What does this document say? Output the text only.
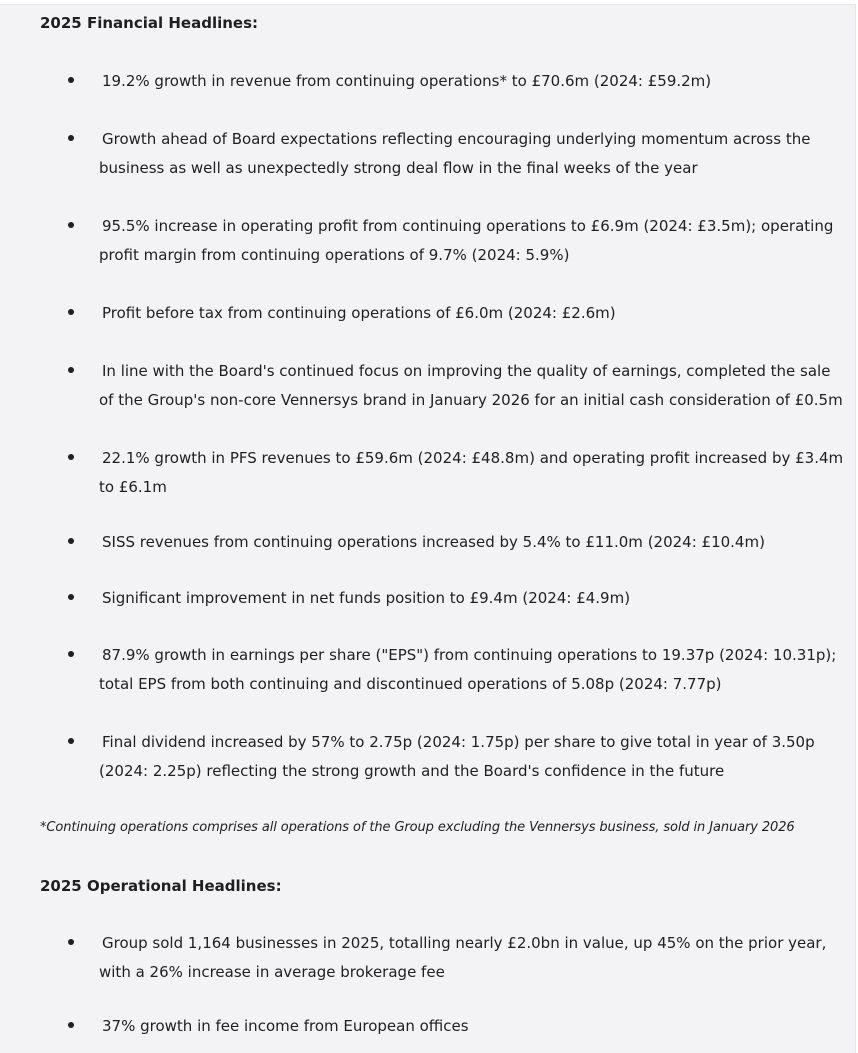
2025 Financial Headlines:
19.2% growth in revenue from continuing operations* to £70.6m (2024: £59.2m)
Growth ahead of Board expectations reflecting encouraging underlying momentum across the
business as well as unexpectedly strong deal flow in the final weeks of the year
95.5% increase in operating profit from continuing operations to £6.9m (2024: £3.5m); operating
profit margin from continuing operations of 9.7% (2024: 5.9%)
Profit before tax from continuing operations of £6.0m (2024: £2.6m)
In line with the Board's continued focus on improving the quality of earnings, completed the sale
of the Group's non-core Vennersys brand in January 2026 for an initial cash consideration of £0.5m
22.1% growth in PFS revenues to £59.6m (2024: £48.8m) and operating profit increased by £3.4m
to £6.1m
SISS revenues from continuing operations increased by 5.4% to £11.0m (2024: £10.4m)
Significant improvement in net funds position to £9.4m (2024: £4.9m)
87.9% growth in earnings per share ("EPS") from continuing operations to 19.37p (2024: 10.31p);
total EPS from both continuing and discontinued operations of 5.08p (2024: 7.77p)
Final dividend increased by 57% to 2.75p (2024: 1.75p) per share to give total in year of 3.50p
(2024: 2.25p) reflecting the strong growth and the Board's confidence in the future
*Continuing operations comprises all operations of the Group excluding the Vennersys business, sold in January 2026
2025 Operational Headlines:
Group sold 1,164 businesses in 2025, totalling nearly £2.0bn in value, up 45% on the prior year,
with a 26% increase in average brokerage fee
37% growth in fee income from European offices
